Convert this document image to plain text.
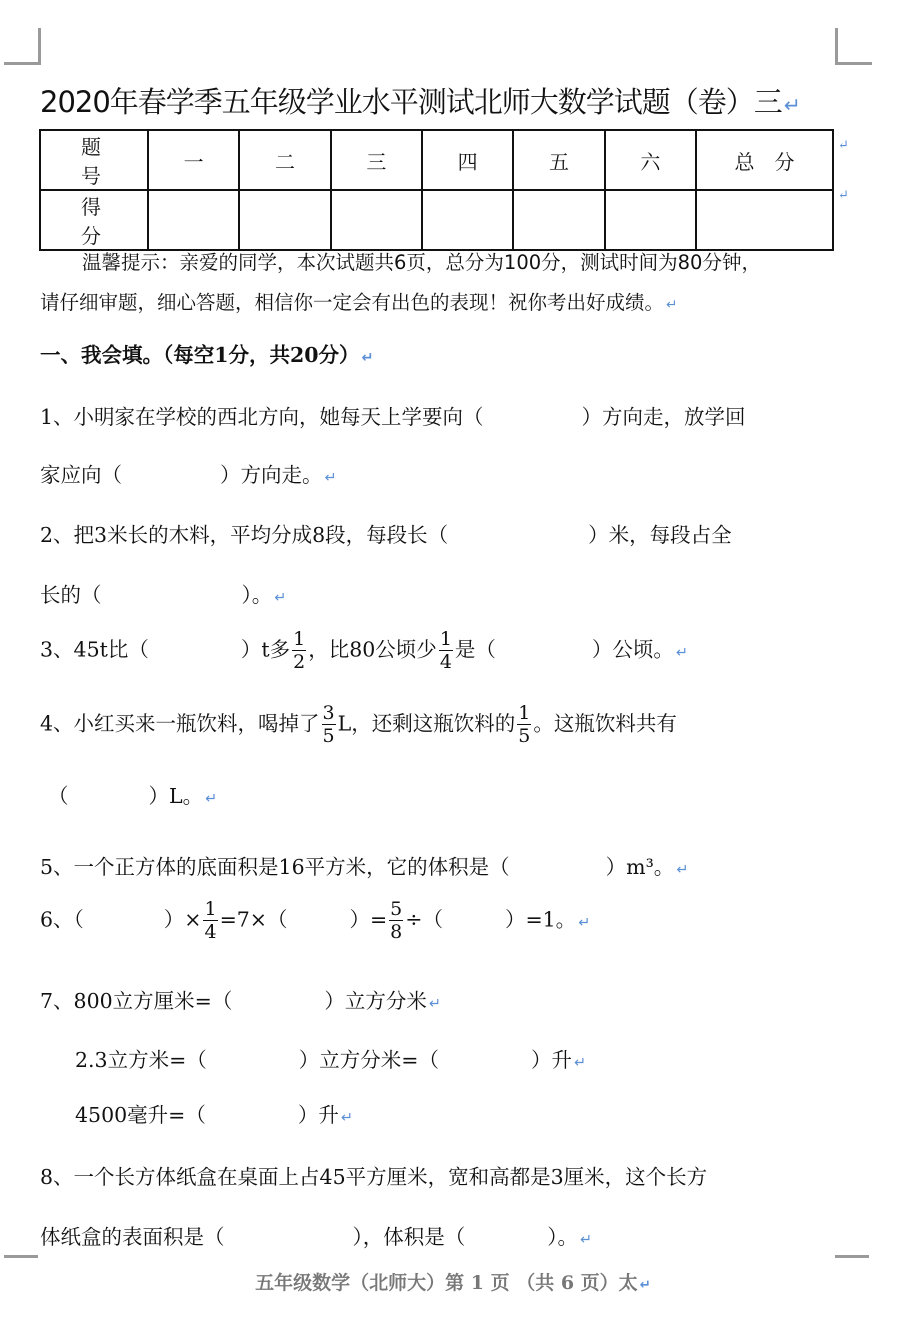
2020年春学季五年级学业水平测试北师大数学试题（卷）三↵
题　号	一	二	三	四	五	六	总　分
得　分							
↵
↵
温馨提示：亲爱的同学，本次试题共6页，总分为100分，测试时间为80分钟，
请仔细审题，细心答题，相信你一定会有出色的表现！祝你考出好成绩。 ↵
一、我会填。（每空1分，共20分） ↵
1、小明家在学校的西北方向，她每天上学要向（	）方向走，放学回
家应向（	）方向走。 ↵
2、把3米长的木料，平均分成8段，每段长（	）米，每段占全
长的（	）。 ↵
3、45t比（	）t多 $\frac{1}{2}$ ，比80公顷少 $\frac{1}{4}$ 是（	）公顷。 ↵
4、小红买来一瓶饮料，喝掉了 $\frac{3}{5}$ L，还剩这瓶饮料的 $\frac{1}{5}$ 。这瓶饮料共有
（	）L。 ↵
5、一个正方体的底面积是16平方米，它的体积是（	）m³。 ↵
6、（	）× $\frac{1}{4} =7\times$（	）= $\frac{5}{8}$ ÷（	）=1。 ↵
7、800立方厘米=（	）立方分米 ↵
2.3立方米=（	）立方分米=（	）升 ↵
4500毫升=（	）升 ↵
8、一个长方体纸盒在桌面上占45平方厘米，宽和高都是3厘米，这个长方
体纸盒的表面积是（	），体积是（	）。 ↵
五年级数学（北师大）第 1 页 （共 6 页）太 ↵
